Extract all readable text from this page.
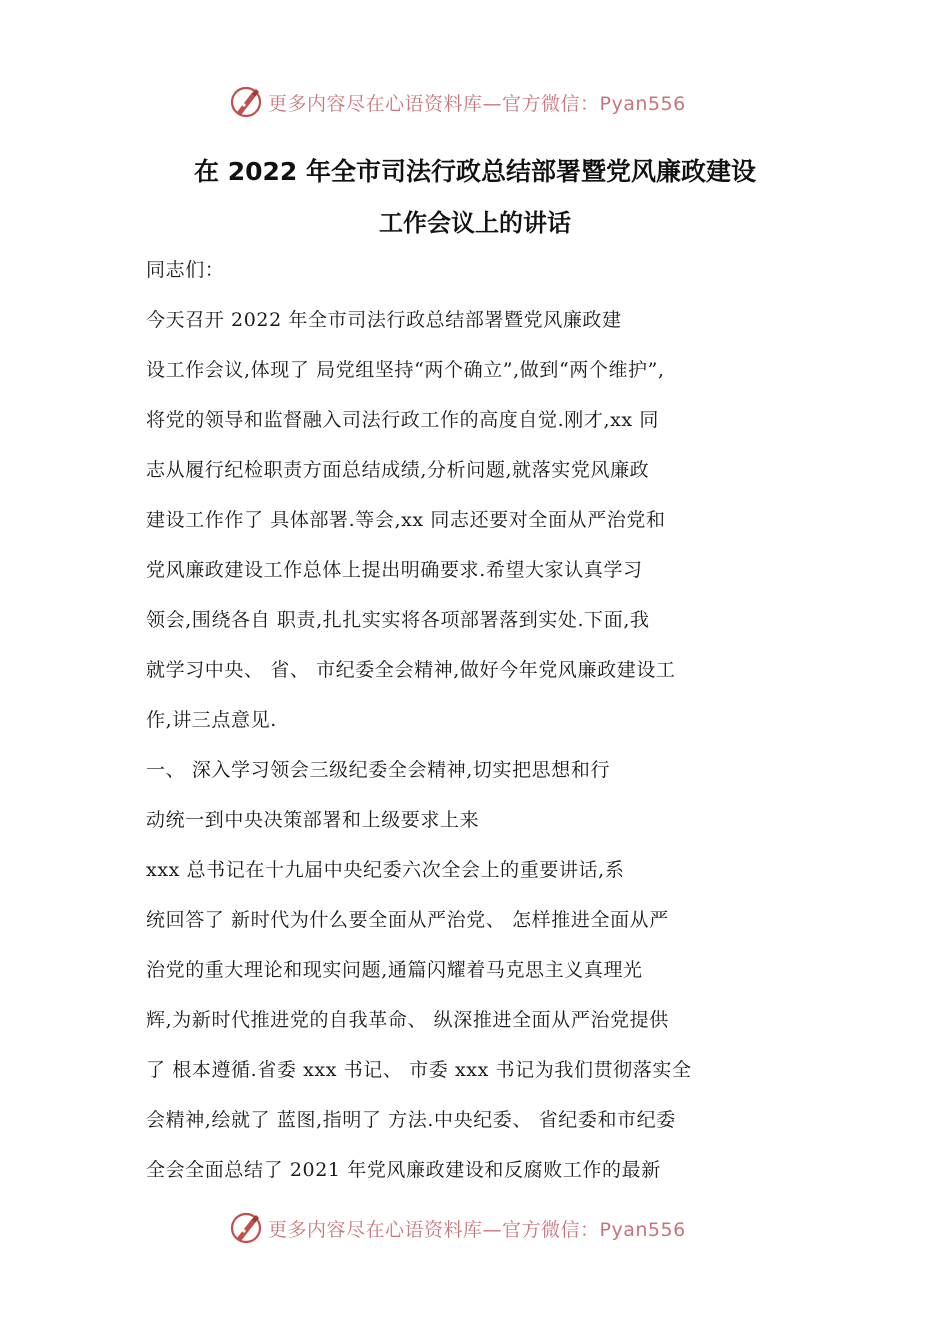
更多内容尽在心语资料库—官方微信：Pyan556
在 2022 年全市司法行政总结部署暨党风廉政建设
工作会议上的讲话
同志们：
今天召开 2022 年全市司法行政总结部署暨党风廉政建
设工作会议,体现了 局党组坚持“两个确立”,做到“两个维护”,
将党的领导和监督融入司法行政工作的高度自觉.刚才,xx 同
志从履行纪检职责方面总结成绩,分析问题,就落实党风廉政
建设工作作了 具体部署.等会,xx 同志还要对全面从严治党和
党风廉政建设工作总体上提出明确要求.希望大家认真学习
领会,围绕各自 职责,扎扎实实将各项部署落到实处.下面,我
就学习中央、 省、 市纪委全会精神,做好今年党风廉政建设工
作,讲三点意见.
一、 深入学习领会三级纪委全会精神,切实把思想和行
动统一到中央决策部署和上级要求上来
xxx 总书记在十九届中央纪委六次全会上的重要讲话,系
统回答了 新时代为什么要全面从严治党、 怎样推进全面从严
治党的重大理论和现实问题,通篇闪耀着马克思主义真理光
辉,为新时代推进党的自我革命、 纵深推进全面从严治党提供
了 根本遵循.省委 xxx 书记、 市委 xxx 书记为我们贯彻落实全
会精神,绘就了 蓝图,指明了 方法.中央纪委、 省纪委和市纪委
全会全面总结了 2021 年党风廉政建设和反腐败工作的最新
更多内容尽在心语资料库—官方微信：Pyan556
